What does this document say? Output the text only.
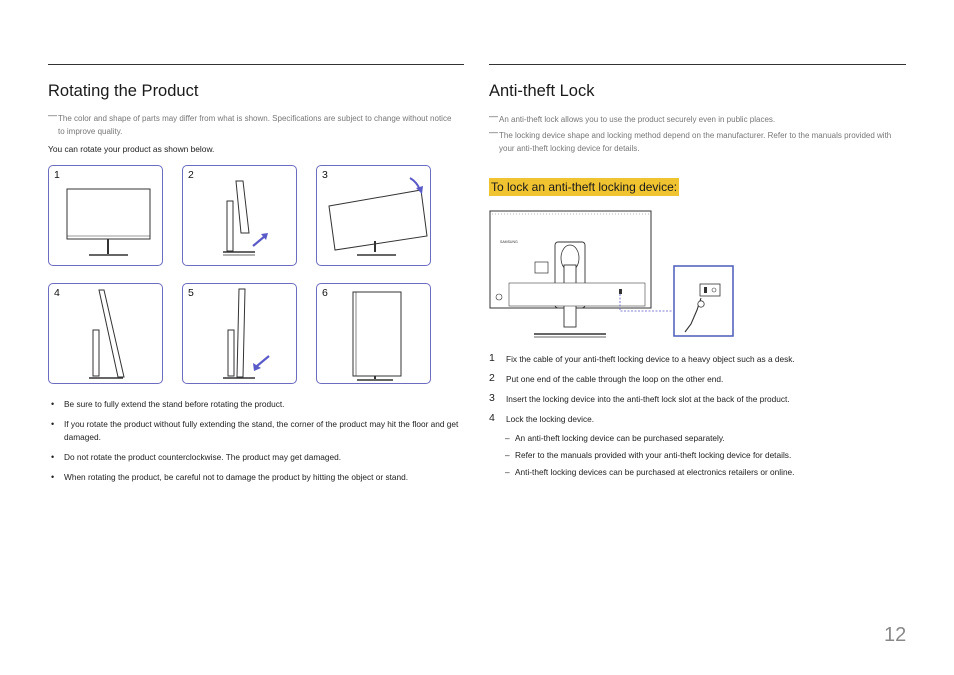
Rotating the Product
— The color and shape of parts may differ from what is shown. Specifications are subject to change without notice to improve quality.
You can rotate your product as shown below.
1	2	3
4	5	6
• Be sure to fully extend the stand before rotating the product.
• If you rotate the product without fully extending the stand, the corner of the product may hit the floor and get damaged.
• Do not rotate the product counterclockwise. The product may get damaged.
• When rotating the product, be careful not to damage the product by hitting the object or stand.
Anti-theft Lock
— An anti-theft lock allows you to use the product securely even in public places.
— The locking device shape and locking method depend on the manufacturer. Refer to the manuals provided with your anti-theft locking device for details.
To lock an anti-theft locking device:
SAMSUNG
1 Fix the cable of your anti-theft locking device to a heavy object such as a desk.
2 Put one end of the cable through the loop on the other end.
3 Insert the locking device into the anti-theft lock slot at the back of the product.
4 Lock the locking device.
– An anti-theft locking device can be purchased separately.
– Refer to the manuals provided with your anti-theft locking device for details.
– Anti-theft locking devices can be purchased at electronics retailers or online.
12
